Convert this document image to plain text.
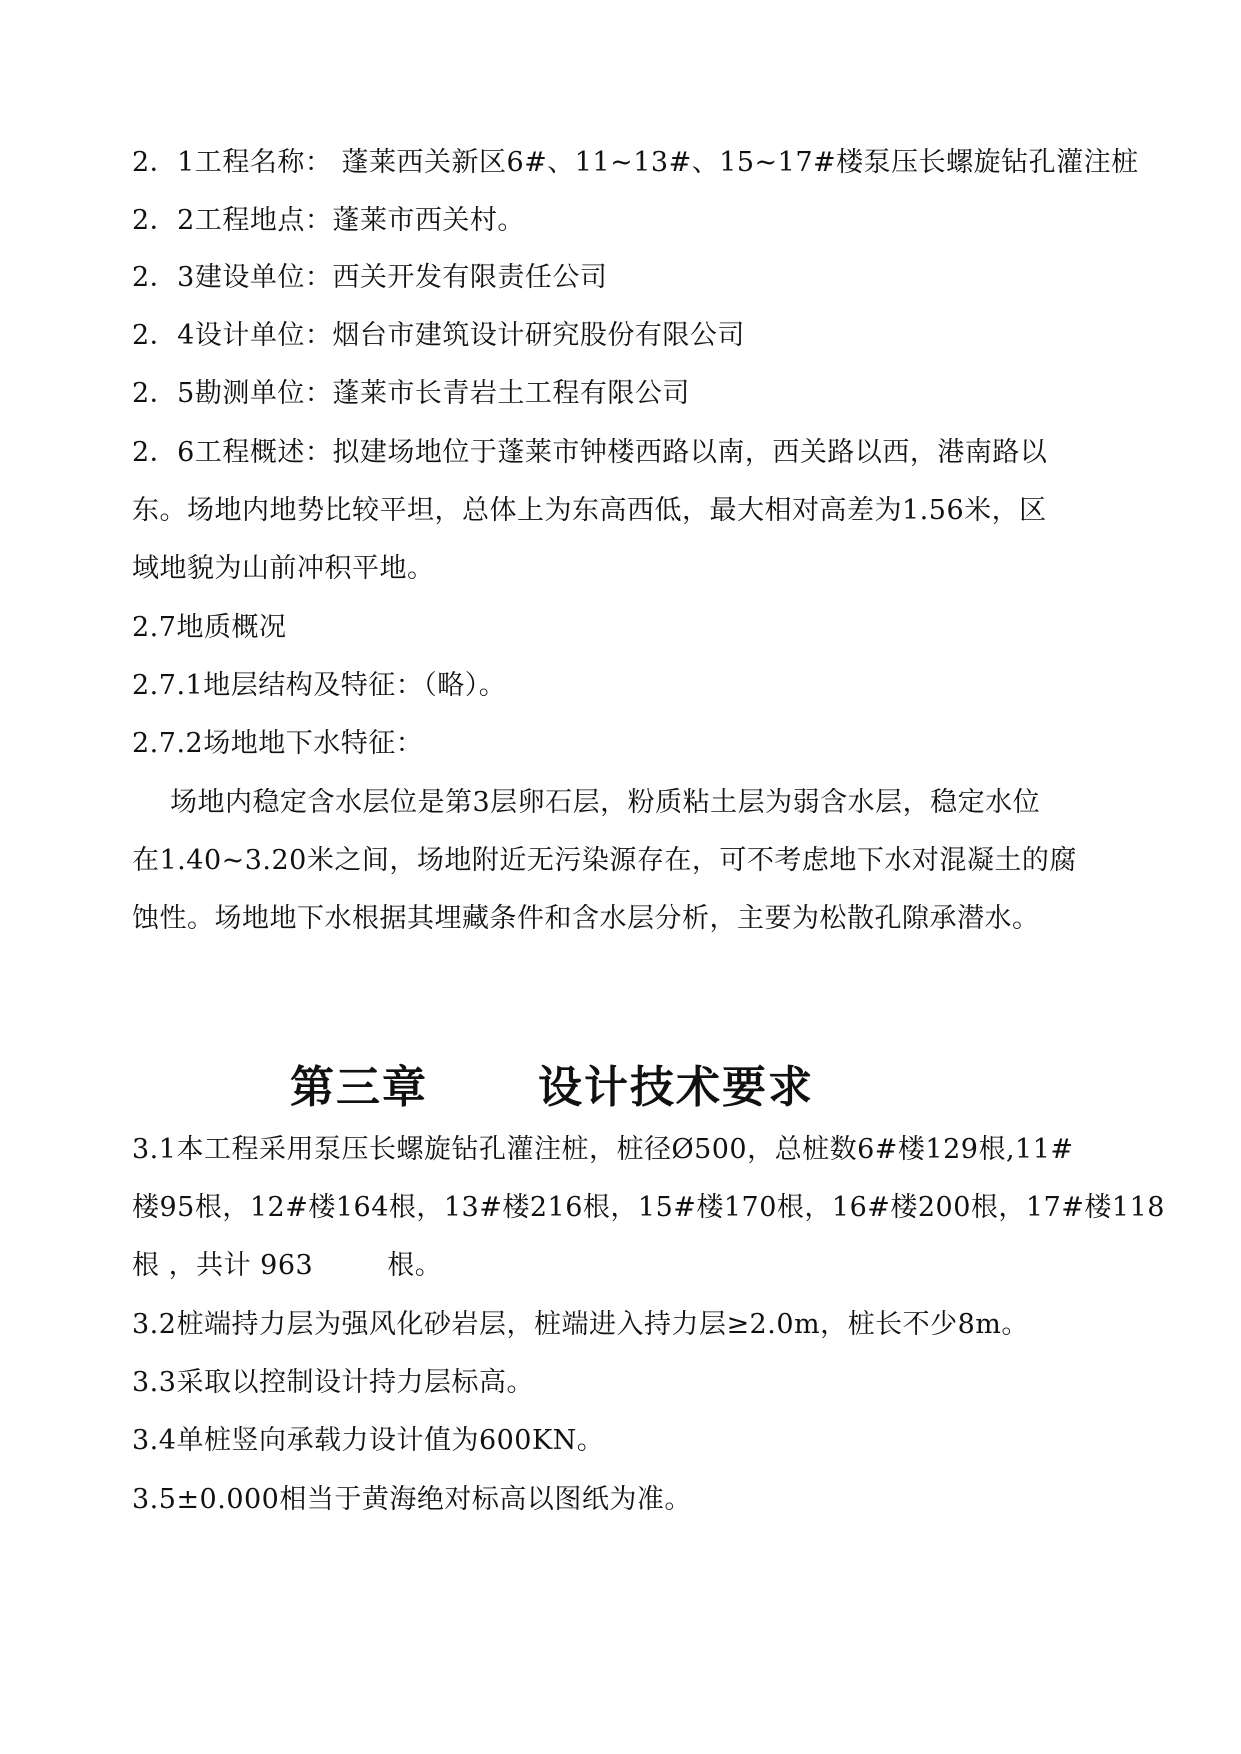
2．1工程名称： 蓬莱西关新区6#、11~13#、15~17#楼泵压长螺旋钻孔灌注桩
2．2工程地点：蓬莱市西关村。
2．3建设单位：西关开发有限责任公司
2．4设计单位：烟台市建筑设计研究股份有限公司
2．5勘测单位：蓬莱市长青岩土工程有限公司
2．6工程概述：拟建场地位于蓬莱市钟楼西路以南，西关路以西，港南路以
东。场地内地势比较平坦，总体上为东高西低，最大相对高差为1.56米，区
域地貌为山前冲积平地。
2.7地质概况
2.7.1地层结构及特征：（略）。
2.7.2场地地下水特征：
场地内稳定含水层位是第3层卵石层，粉质粘土层为弱含水层，稳定水位
在1.40~3.20米之间，场地附近无污染源存在，可不考虑地下水对混凝土的腐
蚀性。场地地下水根据其埋藏条件和含水层分析，主要为松散孔隙承潜水。
第三章	设计技术要求
3.1本工程采用泵压长螺旋钻孔灌注桩，桩径Ø500，总桩数6#楼129根,11#
楼95根，12#楼164根，13#楼216根，15#楼170根，16#楼200根，17#楼118
根 ，共计 963	根。
3.2桩端持力层为强风化砂岩层，桩端进入持力层≥2.0m，桩长不少8m。
3.3采取以控制设计持力层标高。
3.4单桩竖向承载力设计值为600KN。
3.5±0.000相当于黄海绝对标高以图纸为准。
